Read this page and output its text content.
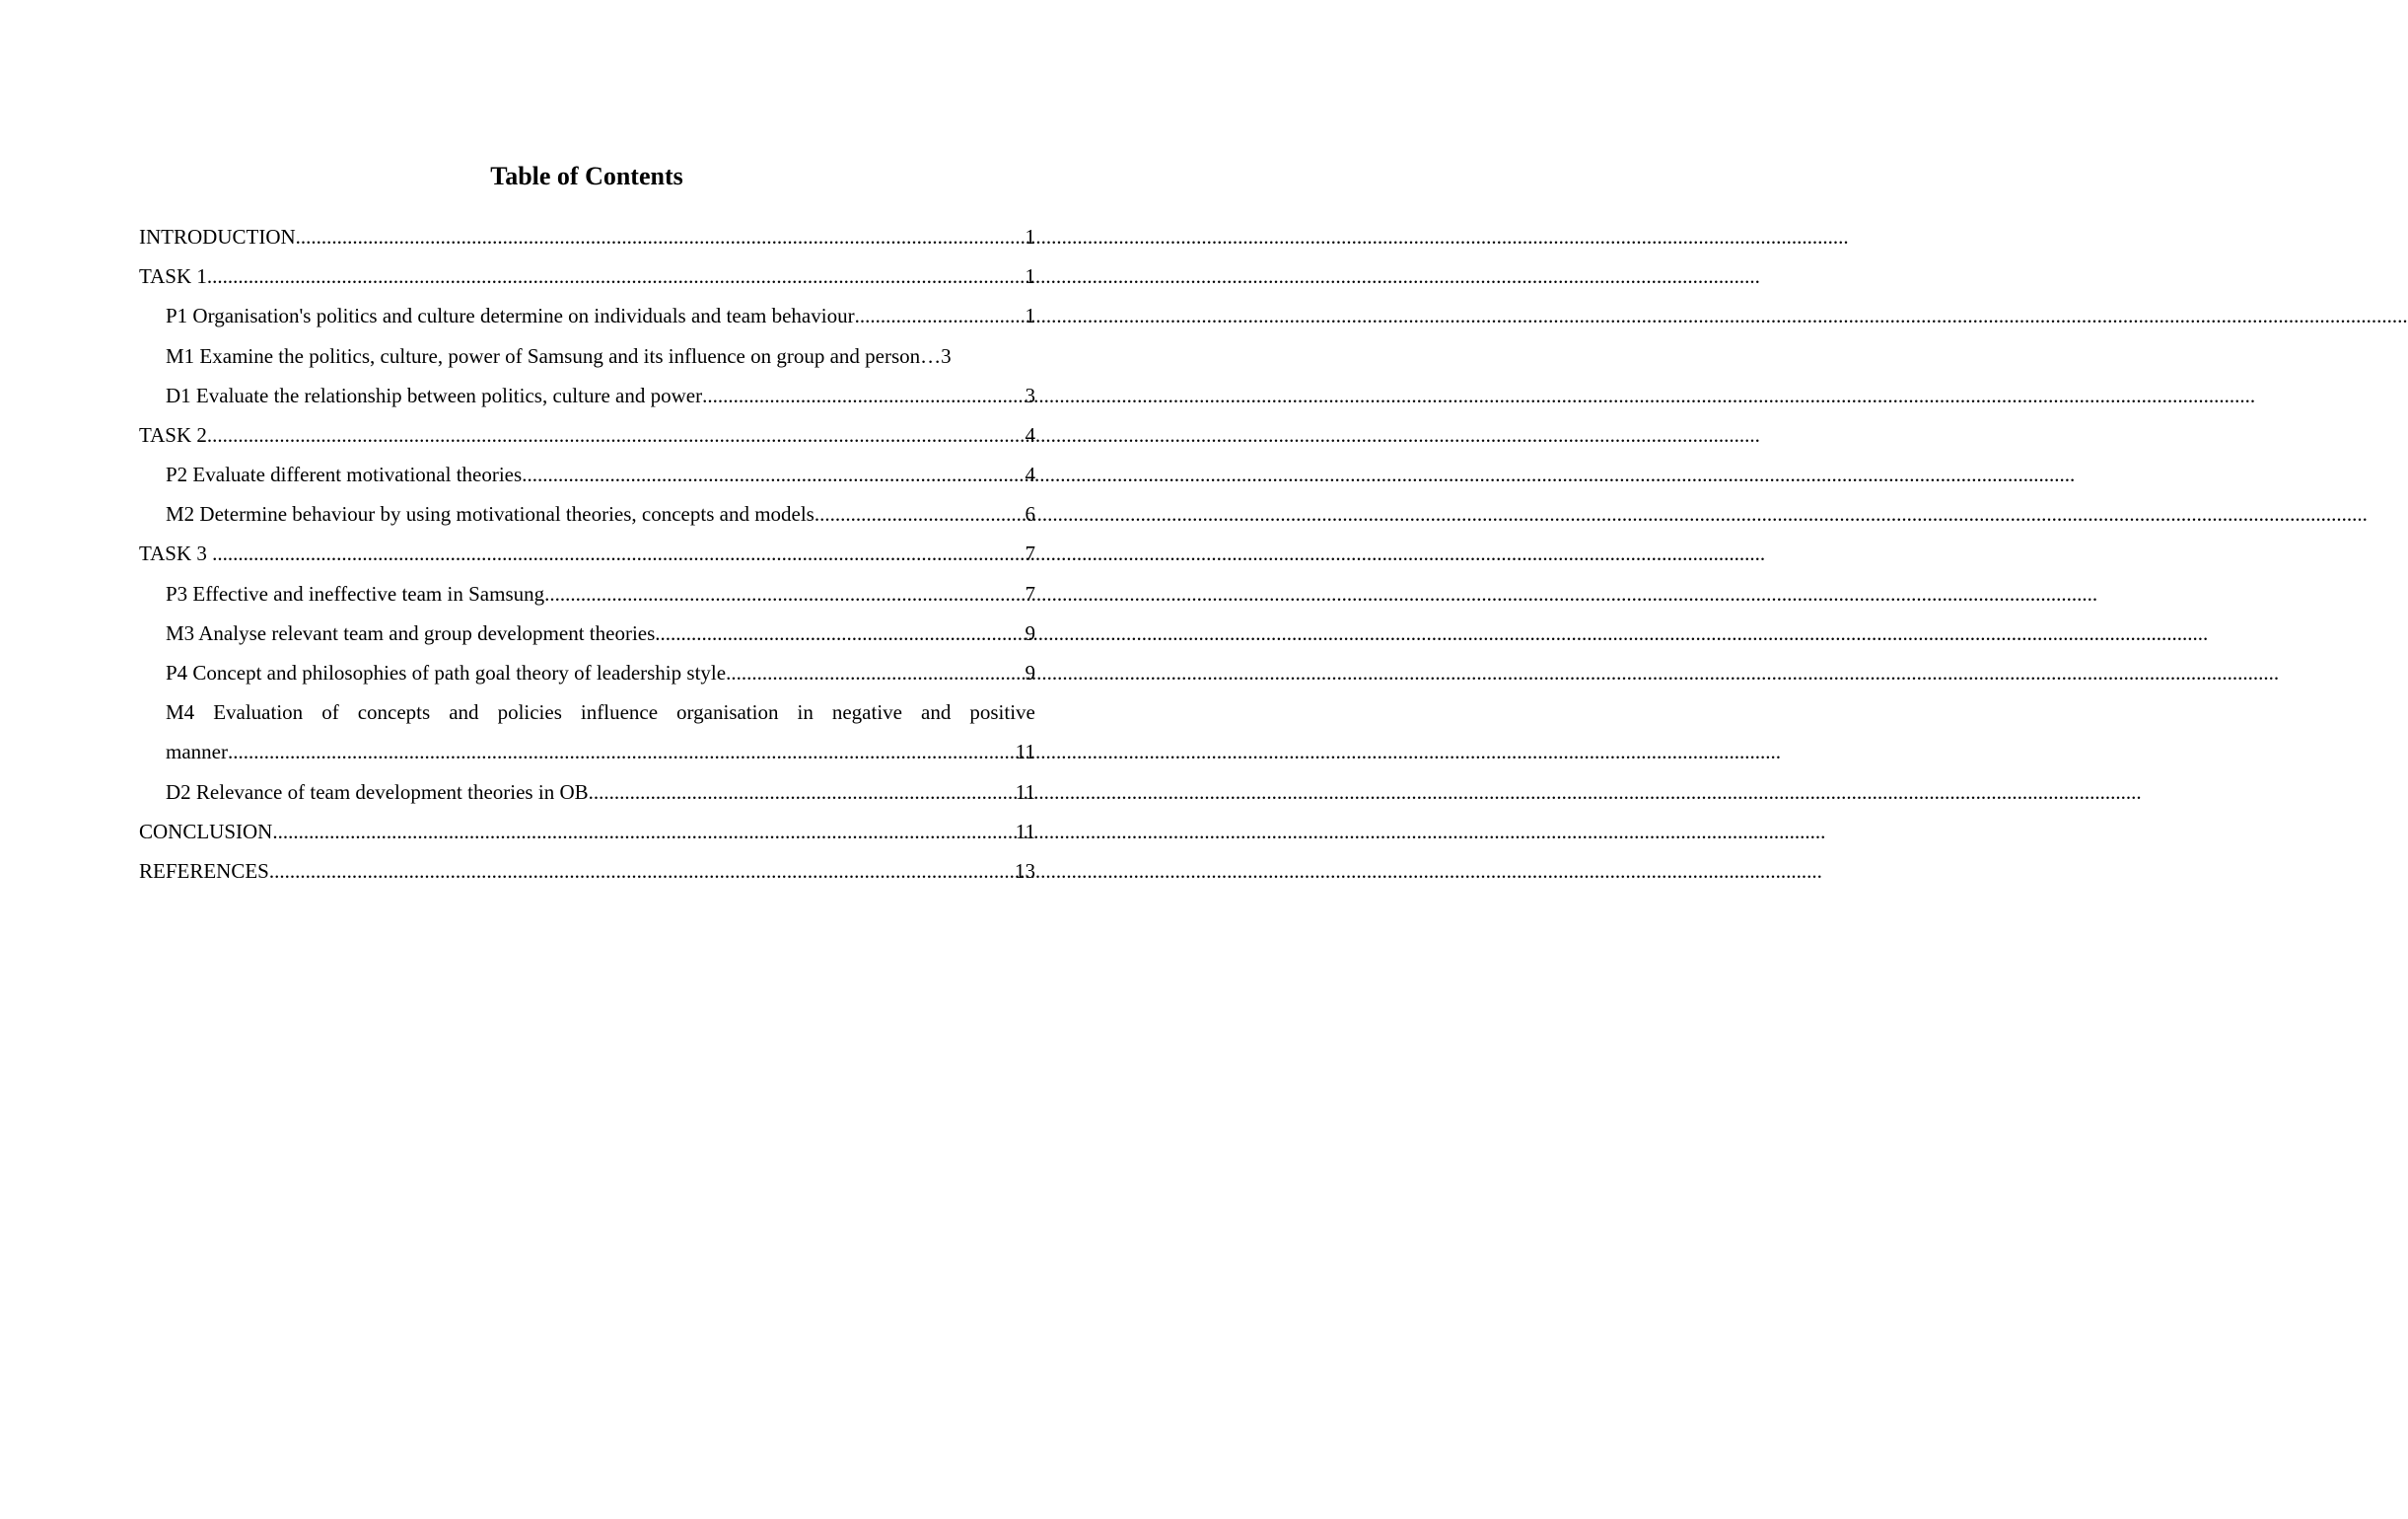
Table of Contents
INTRODUCTION .....	1
TASK 1 .....	1
P1 Organisation's politics and culture determine on individuals and team behaviour .....	1
M1 Examine the politics, culture, power of Samsung and its influence on group and person… 3
D1 Evaluate the relationship between politics, culture and power .....	3
TASK 2 .....	4
P2 Evaluate different motivational theories .....	4
M2 Determine behaviour by using motivational theories, concepts and models .....	6
TASK 3 .....	7
P3 Effective and ineffective team in Samsung .....	7
M3 Analyse relevant team and group development theories .....	9
P4 Concept and philosophies of path goal theory of leadership style .....	9
M4 Evaluation of concepts and policies influence organisation in negative and positive
manner .....	11
D2 Relevance of team development theories in OB .....	11
CONCLUSION .....	11
REFERENCES .....	13
